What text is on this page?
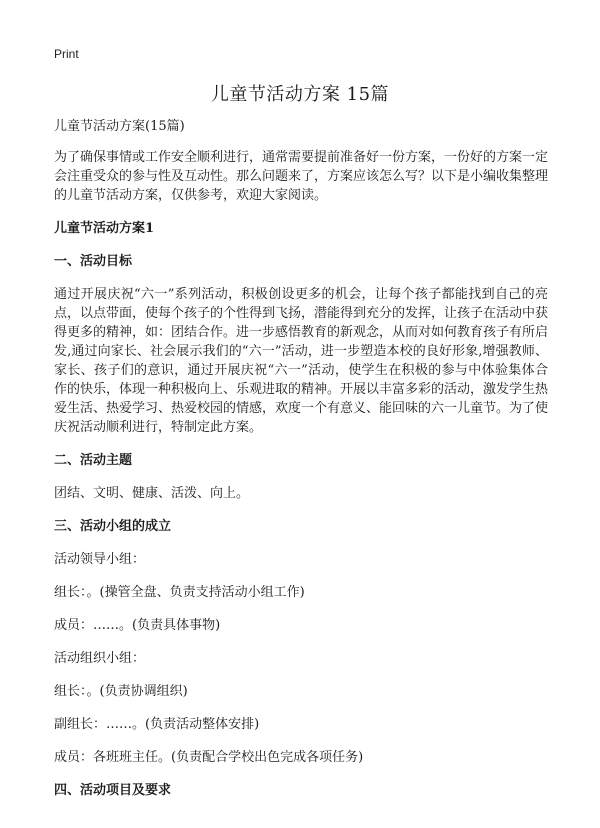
Print
儿童节活动方案 15篇

儿童节活动方案(15篇)

为了确保事情或工作安全顺利进行，通常需要提前准备好一份方案，一份好的方案一定会注重受众的参与性及互动性。那么问题来了，方案应该怎么写？以下是小编收集整理的儿童节活动方案，仅供参考，欢迎大家阅读。

儿童节活动方案1

一、活动目标

通过开展庆祝“六一”系列活动，积极创设更多的机会，让每个孩子都能找到自己的亮点，以点带面，使每个孩子的个性得到飞扬，潜能得到充分的发挥，让孩子在活动中获得更多的精神，如：团结合作。进一步感悟教育的新观念，从而对如何教育孩子有所启发,通过向家长、社会展示我们的“六一”活动，进一步塑造本校的良好形象,增强教师、家长、孩子们的意识，通过开展庆祝“六一”活动，使学生在积极的参与中体验集体合作的快乐，体现一种积极向上、乐观进取的精神。开展以丰富多彩的活动，激发学生热爱生活、热爱学习、热爱校园的情感，欢度一个有意义、能回味的六一儿童节。为了使庆祝活动顺利进行，特制定此方案。

二、活动主题

团结、文明、健康、活泼、向上。

三、活动小组的成立

活动领导小组：

组长：。(操管全盘、负责支持活动小组工作)

成员：……。(负责具体事物)

活动组织小组：

组长：。(负责协调组织)

副组长：……。(负责活动整体安排)

成员：各班班主任。(负责配合学校出色完成各项任务)

四、活动项目及要求
